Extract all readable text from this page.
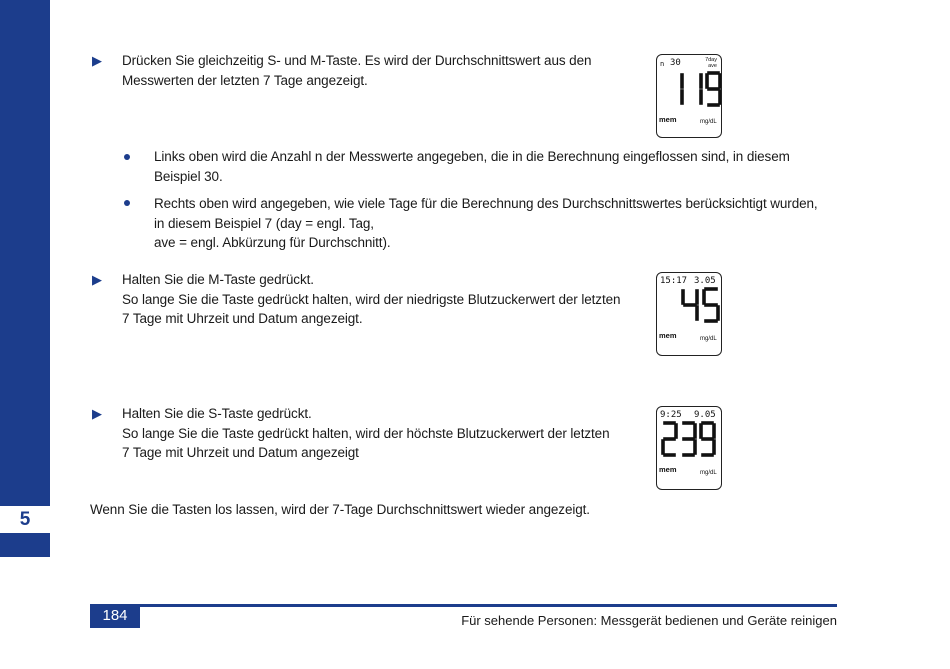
5
▶ Drücken Sie gleichzeitig S- und M-Taste. Es wird der Durchschnittswert aus den
Messwerten der letzten 7 Tage angezeigt.
Links oben wird die Anzahl n der Messwerte angegeben, die in die Berechnung eingeflossen sind, in diesem
Beispiel 30.
Rechts oben wird angegeben, wie viele Tage für die Berechnung des Durchschnittswertes berücksichtigt wurden,
in diesem Beispiel 7 (day = engl. Tag,
ave = engl. Abkürzung für Durchschnitt).
▶ Halten Sie die M-Taste gedrückt.
So lange Sie die Taste gedrückt halten, wird der niedrigste Blutzuckerwert der letzten
7 Tage mit Uhrzeit und Datum angezeigt.
▶ Halten Sie die S-Taste gedrückt.
So lange Sie die Taste gedrückt halten, wird der höchste Blutzuckerwert der letzten
7 Tage mit Uhrzeit und Datum angezeigt
Wenn Sie die Tasten los lassen, wird der 7-Tage Durchschnittswert wieder angezeigt.
n 30	7day
ave
mem	mg/dL
15:17 3.05
mem	mg/dL
9:25 9.05
mem	mg/dL
184	Für sehende Personen: Messgerät bedienen und Geräte reinigen
